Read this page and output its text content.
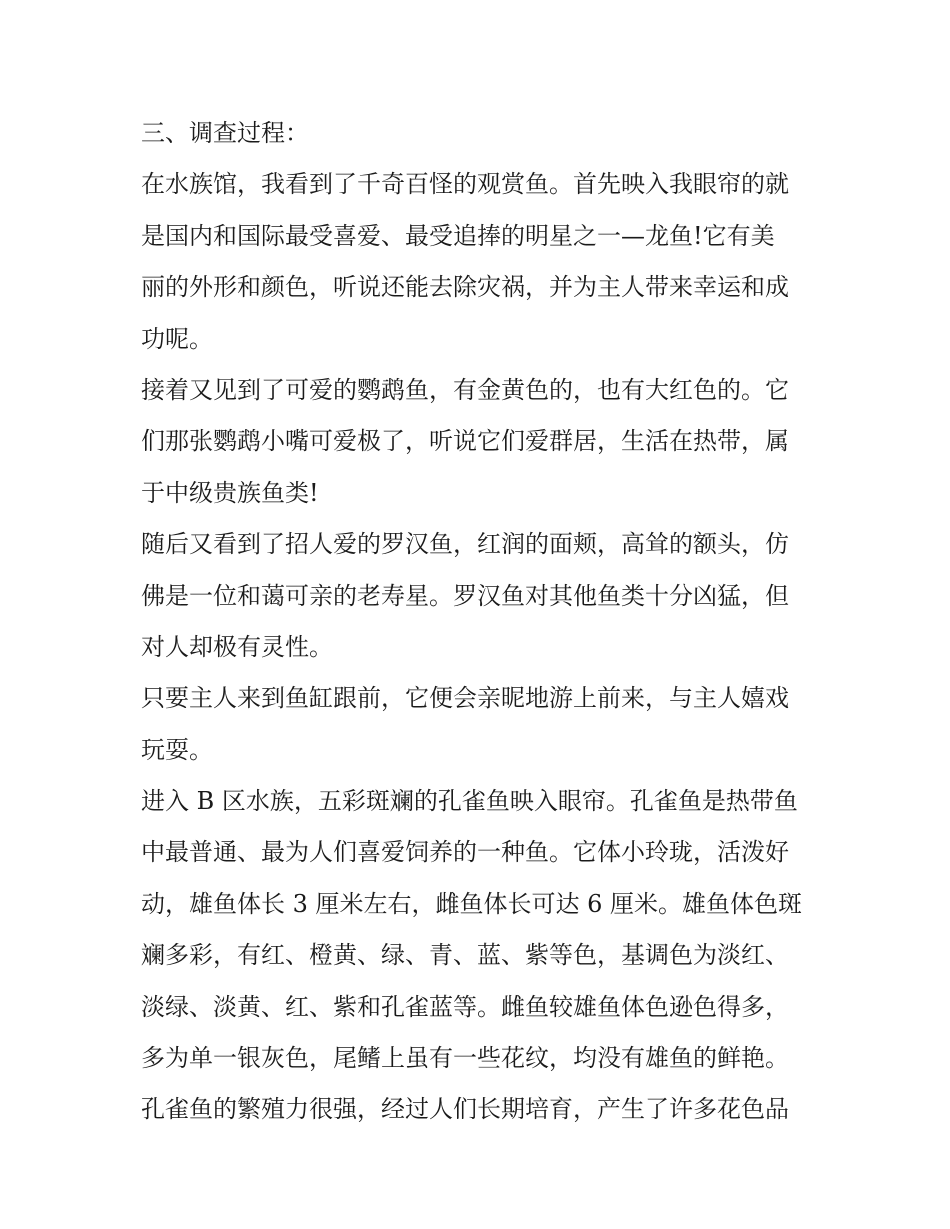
三、调查过程：
在水族馆，我看到了千奇百怪的观赏鱼。首先映入我眼帘的就
是国内和国际最受喜爱、最受追捧的明星之一—龙鱼!它有美
丽的外形和颜色，听说还能去除灾祸，并为主人带来幸运和成
功呢。
接着又见到了可爱的鹦鹉鱼，有金黄色的，也有大红色的。它
们那张鹦鹉小嘴可爱极了，听说它们爱群居，生活在热带，属
于中级贵族鱼类!
随后又看到了招人爱的罗汉鱼，红润的面颊，高耸的额头，仿
佛是一位和蔼可亲的老寿星。罗汉鱼对其他鱼类十分凶猛，但
对人却极有灵性。
只要主人来到鱼缸跟前，它便会亲昵地游上前来，与主人嬉戏
玩耍。
进入 B 区水族，五彩斑斓的孔雀鱼映入眼帘。孔雀鱼是热带鱼
中最普通、最为人们喜爱饲养的一种鱼。它体小玲珑，活泼好
动，雄鱼体长 3 厘米左右，雌鱼体长可达 6 厘米。雄鱼体色斑
斓多彩，有红、橙黄、绿、青、蓝、紫等色，基调色为淡红、
淡绿、淡黄、红、紫和孔雀蓝等。雌鱼较雄鱼体色逊色得多，
多为单一银灰色，尾鳍上虽有一些花纹，均没有雄鱼的鲜艳。
孔雀鱼的繁殖力很强，经过人们长期培育，产生了许多花色品
